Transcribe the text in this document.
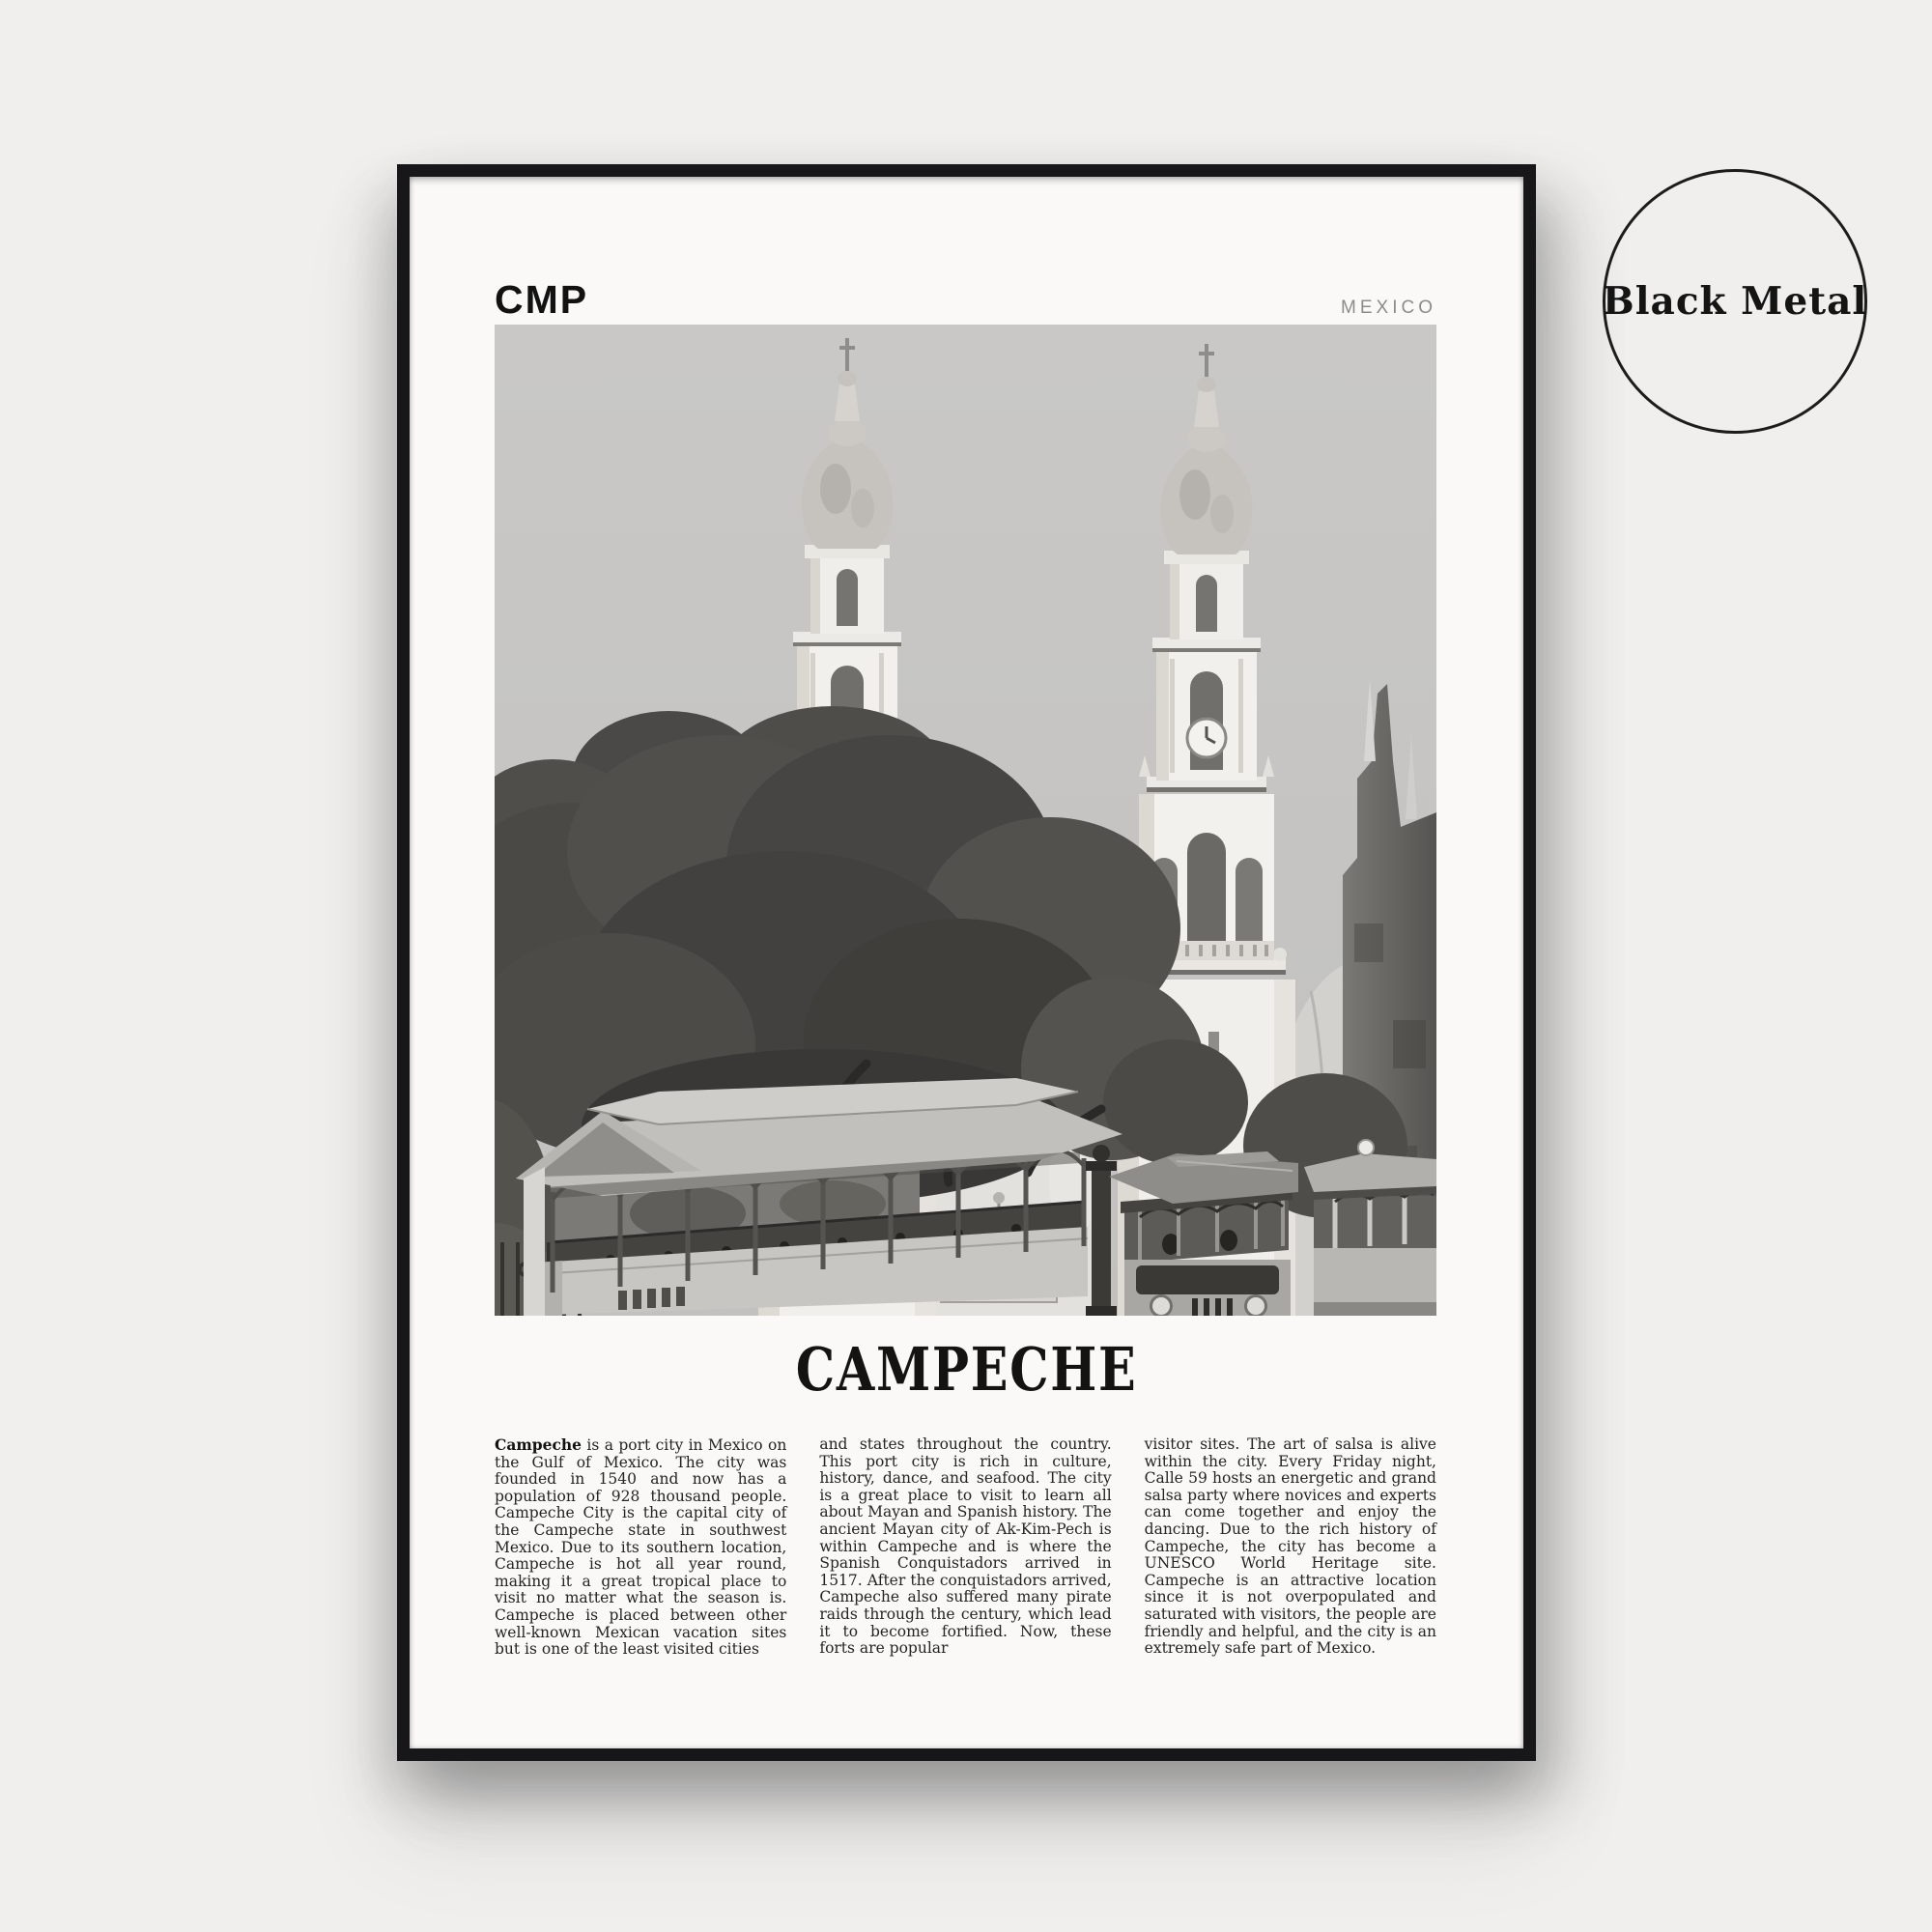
CMP	MEXICO
CAMPECHE

Campeche is a port city in Mexico on the Gulf of Mexico. The city was founded in 1540 and now has a population of 928 thousand people. Campeche City is the capital city of the Campeche state in southwest Mexico. Due to its southern location, Campeche is hot all year round, making it a great tropical place to visit no matter what the season is. Campeche is placed between other well-known Mexican vacation sites but is one of the least visited cities

and states throughout the country. This port city is rich in culture, history, dance, and seafood. The city is a great place to visit to learn all about Mayan and Spanish history. The ancient Mayan city of Ak-Kim-Pech is within Campeche and is where the Spanish Conquistadors arrived in 1517. After the conquistadors arrived, Campeche also suffered many pirate raids through the century, which lead it to become fortified. Now, these forts are popular

visitor sites. The art of salsa is alive within the city. Every Friday night, Calle 59 hosts an energetic and grand salsa party where novices and experts can come together and enjoy the dancing. Due to the rich history of Campeche, the city has become a UNESCO World Heritage site. Campeche is an attractive location since it is not overpopulated and saturated with visitors, the people are friendly and helpful, and the city is an extremely safe part of Mexico.

Black Metal
